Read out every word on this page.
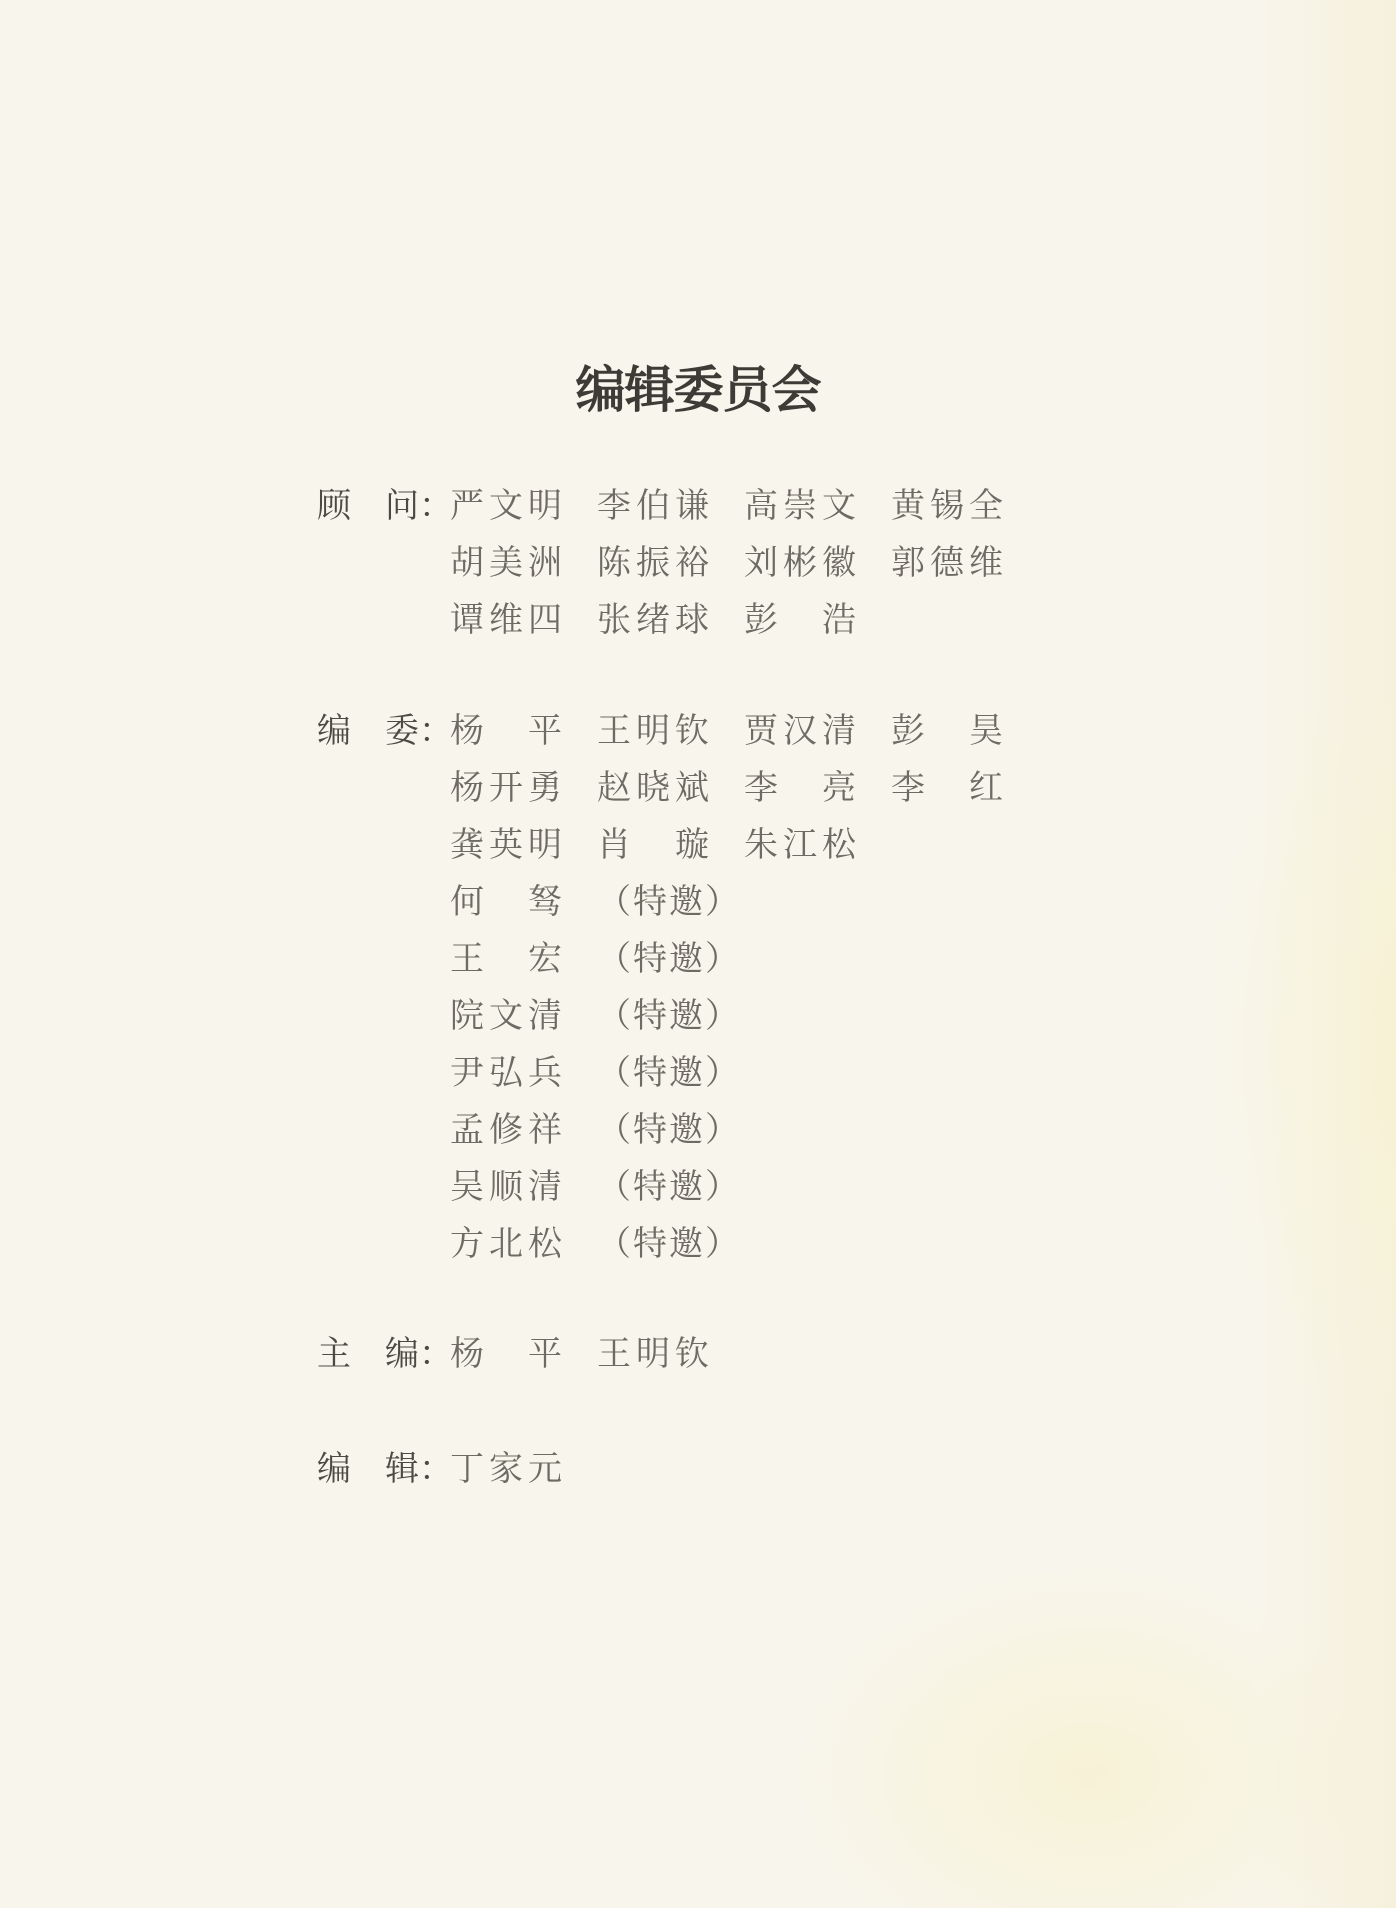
编辑委员会
顾　问：
严文明 李伯谦 高崇文 黄锡全
胡美洲 陈振裕 刘彬徽 郭德维
谭维四 张绪球 彭　浩
编　委：
杨　平 王明钦 贾汉清 彭　昊
杨开勇 赵晓斌 李　亮 李　红
龚英明 肖　璇 朱江松
何　驽 （特邀）
王　宏 （特邀）
院文清 （特邀）
尹弘兵 （特邀）
孟修祥 （特邀）
吴顺清 （特邀）
方北松 （特邀）
主　编：
杨　平 王明钦
编　辑：
丁家元
